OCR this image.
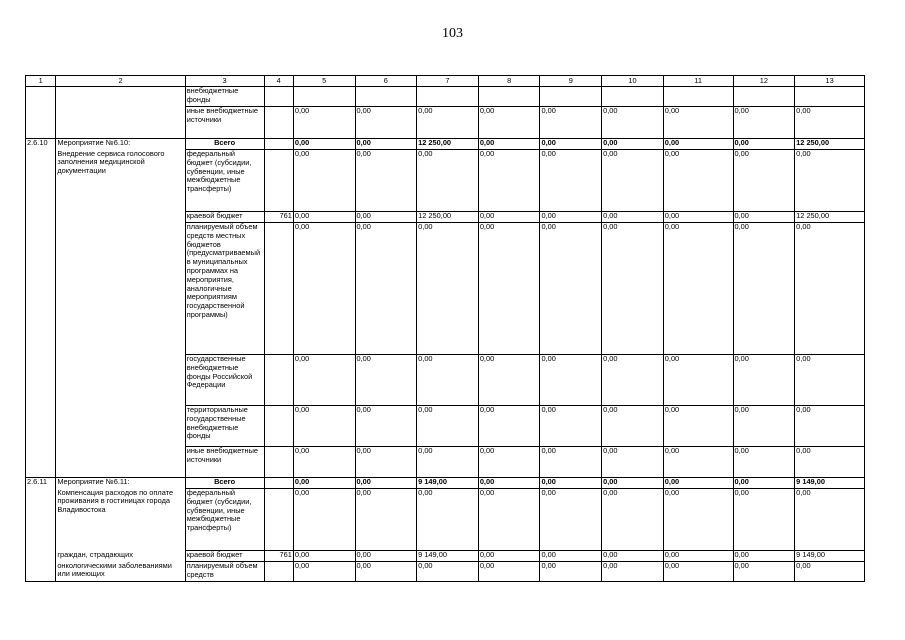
103
1	2	3	4	5	6	7	8	9	10	11	12	13
		внебюджетные фонды										
		иные внебюджетные источники		0,00	0,00	0,00	0,00	0,00	0,00	0,00	0,00	0,00
2.6.10	Мероприятие №6.10:	Всего		0,00	0,00	12 250,00	0,00	0,00	0,00	0,00	0,00	12 250,00
	Внедрение сервиса голосового заполнения медицинской документации	федеральный бюджет (субсидии, субвенции, иные межбюджетные трансферты)		0,00	0,00	0,00	0,00	0,00	0,00	0,00	0,00	0,00
		краевой бюджет	761	0,00	0,00	12 250,00	0,00	0,00	0,00	0,00	0,00	12 250,00
		планируемый объем средств местных бюджетов (предусматриваемый в муниципальных программах на мероприятия, аналогичные мероприятиям государственной программы)		0,00	0,00	0,00	0,00	0,00	0,00	0,00	0,00	0,00
		государственные внебюджетные фонды Российской Федерации		0,00	0,00	0,00	0,00	0,00	0,00	0,00	0,00	0,00
		территориальные государственные внебюджетные фонды		0,00	0,00	0,00	0,00	0,00	0,00	0,00	0,00	0,00
		иные внебюджетные источники		0,00	0,00	0,00	0,00	0,00	0,00	0,00	0,00	0,00
2.6.11	Мероприятие №6.11:	Всего		0,00	0,00	9 149,00	0,00	0,00	0,00	0,00	0,00	9 149,00
	Компенсация расходов по оплате проживания в гостиницах города Владивостока	федеральный бюджет (субсидии, субвенции, иные межбюджетные трансферты)		0,00	0,00	0,00	0,00	0,00	0,00	0,00	0,00	0,00
	граждан, страдающих	краевой бюджет	761	0,00	0,00	9 149,00	0,00	0,00	0,00	0,00	0,00	9 149,00
	онкологическими заболеваниями или имеющих	планируемый объем средств		0,00	0,00	0,00	0,00	0,00	0,00	0,00	0,00	0,00
